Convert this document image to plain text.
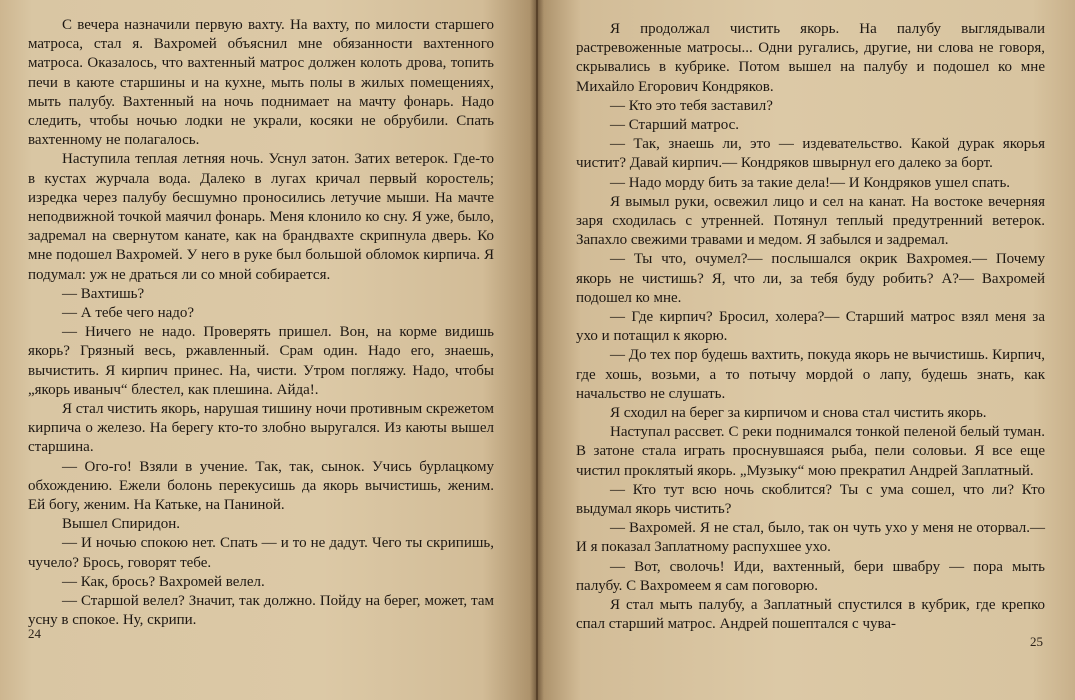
С вечера назначили первую вахту. На вахту, по милости старшего матроса, стал я. Вахромей объяснил мне обязанности вахтенного матроса. Оказалось, что вахтенный матрос должен колоть дрова, топить печи в каюте старшины и на кухне, мыть полы в жилых помещениях, мыть палубу. Вахтенный на ночь поднимает на мачту фонарь. Надо следить, чтобы ночью лодки не украли, косяки не обрубили. Спать вахтенному не полагалось.

Наступила теплая летняя ночь. Уснул затон. Затих ветерок. Где-то в кустах журчала вода. Далеко в лугах кричал первый коростель; изредка через палубу бесшумно проносились летучие мыши. На мачте неподвижной точкой маячил фонарь. Меня клонило ко сну. Я уже, было, задремал на свернутом канате, как на брандвахте скрипнула дверь. Ко мне подошел Вахромей. У него в руке был большой обломок кирпича. Я подумал: уж не драться ли со мной собирается.

— Вахтишь?

— А тебе чего надо?

— Ничего не надо. Проверять пришел. Вон, на корме видишь якорь? Грязный весь, ржавленный. Срам один. Надо его, знаешь, вычистить. Я кирпич принес. На, чисти. Утром погляжу. Надо, чтобы „якорь иваныч“ блестел, как плешина. Айда!.

Я стал чистить якорь, нарушая тишину ночи противным скрежетом кирпича о железо. На берегу кто-то злобно выругался. Из каюты вышел старшина.

— Ого-го! Взяли в учение. Так, так, сынок. Учись бурлацкому обхождению. Ежели болонь перекусишь да якорь вычистишь, женим. Ей богу, женим. На Катьке, на Паниной.

Вышел Спиридон.

— И ночью спокою нет. Спать — и то не дадут. Чего ты скрипишь, чучело? Брось, говорят тебе.

— Как, брось? Вахромей велел.

— Старшой велел? Значит, так должно. Пойду на берег, может, там усну в спокое. Ну, скрипи.

24

Я продолжал чистить якорь. На палубу выглядывали растревоженные матросы... Одни ругались, другие, ни слова не говоря, скрывались в кубрике. Потом вышел на палубу и подошел ко мне Михайло Егорович Кондряков.

— Кто это тебя заставил?

— Старший матрос.

— Так, знаешь ли, это — издевательство. Какой дурак якорья чистит? Давай кирпич.— Кондряков швырнул его далеко за борт.

— Надо морду бить за такие дела!— И Кондряков ушел спать.

Я вымыл руки, освежил лицо и сел на канат. На востоке вечерняя заря сходилась с утренней. Потянул теплый предутренний ветерок. Запахло свежими травами и медом. Я забылся и задремал.

— Ты что, очумел?— послышался окрик Вахромея.— Почему якорь не чистишь? Я, что ли, за тебя буду робить? А?— Вахромей подошел ко мне.

— Где кирпич? Бросил, холера?— Старший матрос взял меня за ухо и потащил к якорю.

— До тех пор будешь вахтить, покуда якорь не вычистишь. Кирпич, где хошь, возьми, а то потычу мордой о лапу, будешь знать, как начальство не слушать.

Я сходил на берег за кирпичом и снова стал чистить якорь.

Наступал рассвет. С реки поднимался тонкой пеленой белый туман. В затоне стала играть проснувшаяся рыба, пели соловьи. Я все еще чистил проклятый якорь. „Музыку“ мою прекратил Андрей Заплатный.

— Кто тут всю ночь скоблится? Ты с ума сошел, что ли? Кто выдумал якорь чистить?

— Вахромей. Я не стал, было, так он чуть ухо у меня не оторвал.— И я показал Заплатному распухшее ухо.

— Вот, сволочь! Иди, вахтенный, бери швабру — пора мыть палубу. С Вахромеем я сам поговорю.

Я стал мыть палубу, а Заплатный спустился в кубрик, где крепко спал старший матрос. Андрей пошептался с чува-

25
